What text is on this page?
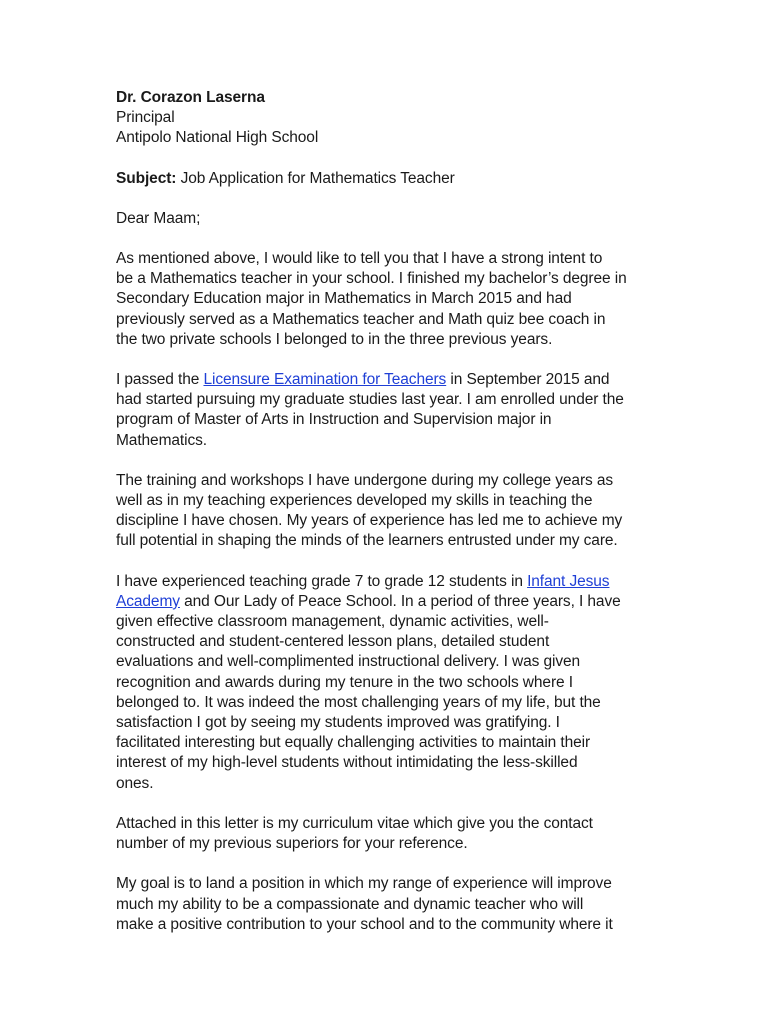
Dr. Corazon Laserna
Principal
Antipolo National High School
Subject: Job Application for Mathematics Teacher
Dear Maam;
As mentioned above, I would like to tell you that I have a strong intent to
be a Mathematics teacher in your school. I finished my bachelor’s degree in
Secondary Education major in Mathematics in March 2015 and had
previously served as a Mathematics teacher and Math quiz bee coach in
the two private schools I belonged to in the three previous years.
I passed the Licensure Examination for Teachers in September 2015 and
had started pursuing my graduate studies last year. I am enrolled under the
program of Master of Arts in Instruction and Supervision major in
Mathematics.
The training and workshops I have undergone during my college years as
well as in my teaching experiences developed my skills in teaching the
discipline I have chosen. My years of experience has led me to achieve my
full potential in shaping the minds of the learners entrusted under my care.
I have experienced teaching grade 7 to grade 12 students in Infant Jesus
Academy and Our Lady of Peace School. In a period of three years, I have
given effective classroom management, dynamic activities, well-
constructed and student-centered lesson plans, detailed student
evaluations and well-complimented instructional delivery. I was given
recognition and awards during my tenure in the two schools where I
belonged to. It was indeed the most challenging years of my life, but the
satisfaction I got by seeing my students improved was gratifying. I
facilitated interesting but equally challenging activities to maintain their
interest of my high-level students without intimidating the less-skilled
ones.
Attached in this letter is my curriculum vitae which give you the contact
number of my previous superiors for your reference.
My goal is to land a position in which my range of experience will improve
much my ability to be a compassionate and dynamic teacher who will
make a positive contribution to your school and to the community where it
